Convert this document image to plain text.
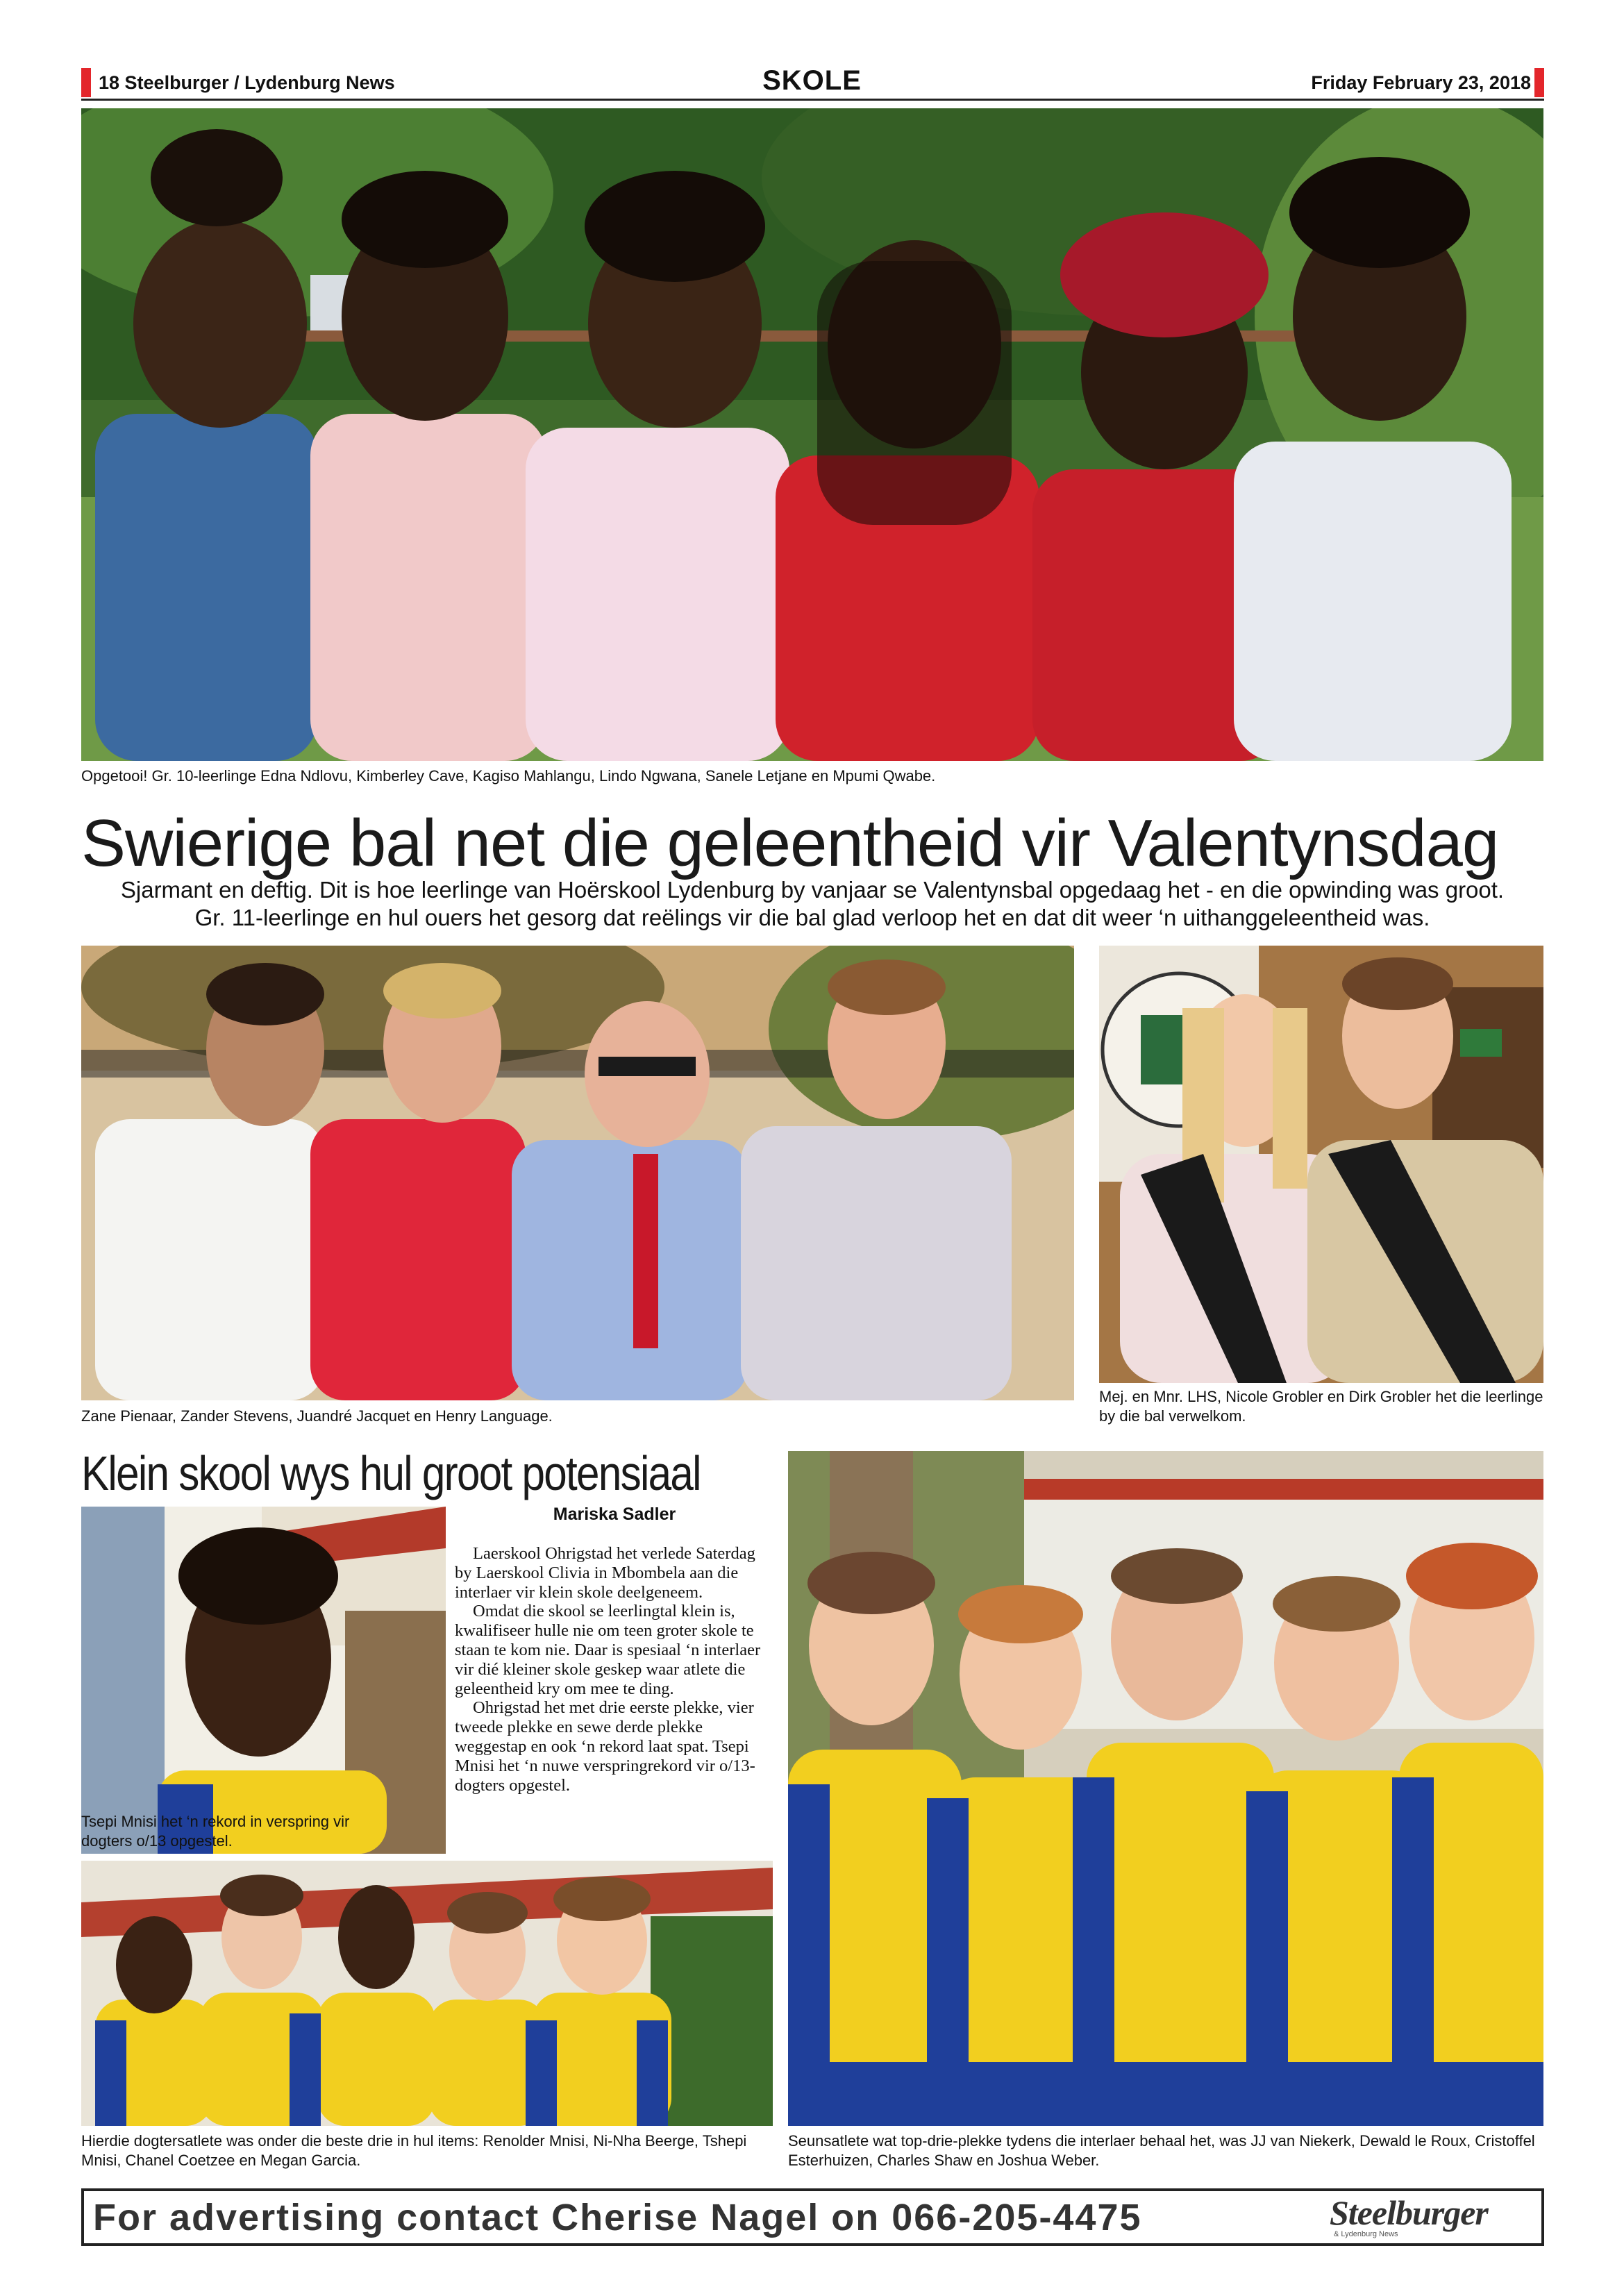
18 Steelburger / Lydenburg News	SKOLE	Friday February 23, 2018
Opgetooi! Gr. 10-leerlinge Edna Ndlovu, Kimberley Cave, Kagiso Mahlangu, Lindo Ngwana, Sanele Letjane en Mpumi Qwabe.
Swierige bal net die geleentheid vir Valentynsdag
Sjarmant en deftig. Dit is hoe leerlinge van Hoërskool Lydenburg by vanjaar se Valentynsbal opgedaag het - en die opwinding was groot.
Gr. 11-leerlinge en hul ouers het gesorg dat reëlings vir die bal glad verloop het en dat dit weer ‘n uithanggeleentheid was.
Zane Pienaar, Zander Stevens, Juandré Jacquet en Henry Language.
Mej. en Mnr. LHS, Nicole Grobler en Dirk Grobler het die leerlinge by die bal verwelkom.
Klein skool wys hul groot potensiaal
Tsepi Mnisi het ‘n rekord in verspring vir dogters o/13 opgestel.
Mariska Sadler

Laerskool Ohrigstad het verlede Saterdag by Laerskool Clivia in Mbombela aan die interlaer vir klein skole deelgeneem.

Omdat die skool se leerlingtal klein is, kwalifiseer hulle nie om teen groter skole te staan te kom nie. Daar is spesiaal ‘n interlaer vir dié kleiner skole geskep waar atlete die geleentheid kry om mee te ding.

Ohrigstad het met drie eerste plekke, vier tweede plekke en sewe derde plekke weggestap en ook ‘n rekord laat spat. Tsepi Mnisi het ‘n nuwe verspringrekord vir o/13-dogters opgestel.

Hierdie dogtersatlete was onder die beste drie in hul items: Renolder Mnisi, Ni-Nha Beerge, Tshepi Mnisi, Chanel Coetzee en Megan Garcia.
Seunsatlete wat top-drie-plekke tydens die interlaer behaal het, was JJ van Niekerk, Dewald le Roux, Cristoffel Esterhuizen, Charles Shaw en Joshua Weber.
For advertising contact Cherise Nagel on 066-205-4475	Steelburger
& Lydenburg News
